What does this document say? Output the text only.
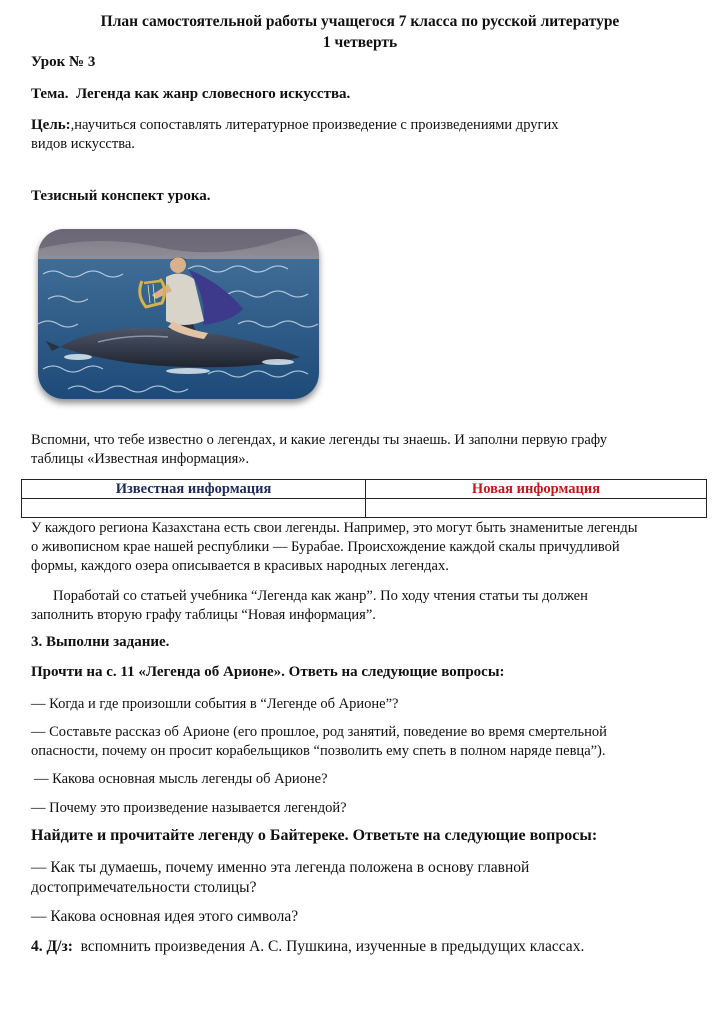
План самостоятельной работы учащегося 7 класса по русской литературе
1 четверть
Урок № 3
Тема. Легенда как жанр словесного искусства.
Цель:,научиться сопоставлять литературное произведение с произведениями других
видов искусства.
Тезисный конспект урока.
Вспомни, что тебе известно о легендах, и какие легенды ты знаешь. И заполни первую графу
таблицы «Известная информация».
Известная информация	Новая информация

У каждого региона Казахстана есть свои легенды. Например, это могут быть знаменитые легенды
о живописном крае нашей республики — Бурабае. Происхождение каждой скалы причудливой
формы, каждого озера описывается в красивых народных легендах.
Поработай со статьей учебника “Легенда как жанр”. По ходу чтения статьи ты должен
заполнить вторую графу таблицы “Новая информация”.
3. Выполни задание.
Прочти на с. 11 «Легенда об Арионе». Ответь на следующие вопросы:
— Когда и где произошли события в “Легенде об Арионе”?
— Составьте рассказ об Арионе (его прошлое, род занятий, поведение во время смертельной
опасности, почему он просит корабельщиков “позволить ему спеть в полном наряде певца”).
— Какова основная мысль легенды об Арионе?
— Почему это произведение называется легендой?
Найдите и прочитайте легенду о Байтереке. Ответьте на следующие вопросы:
— Как ты думаешь, почему именно эта легенда положена в основу главной
достопримечательности столицы?
— Какова основная идея этого символа?
4. Д/з: вспомнить произведения А. С. Пушкина, изученные в предыдущих классах.
